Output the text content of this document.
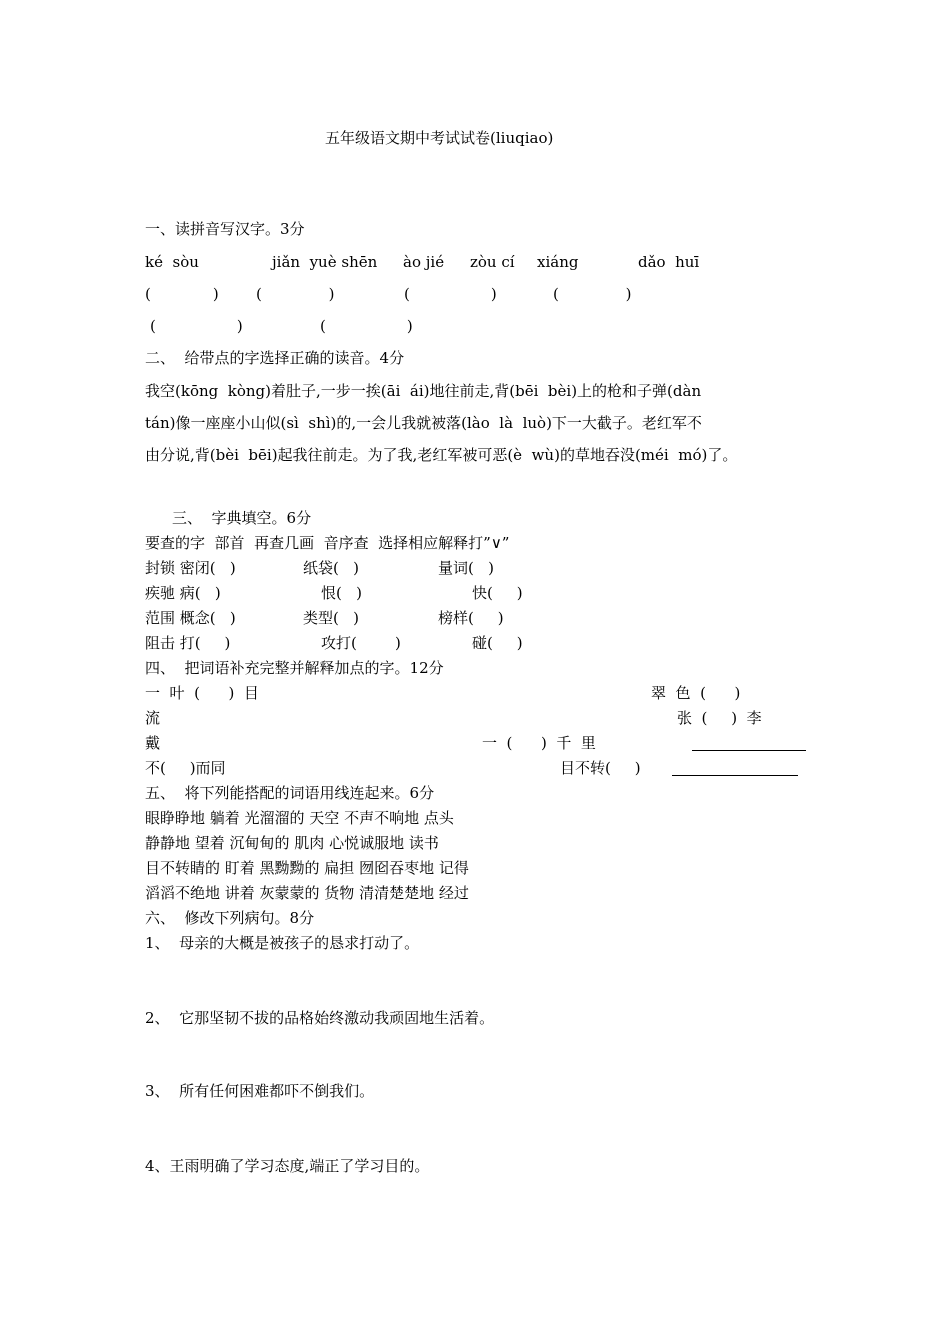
五年级语文期中考试试卷(liuqiao)
一、读拼音写汉字。3分
ké  sòu	jiǎn  yuè shēn ào jié zòu cí xiáng	dǎo  huī
(             ) (              )	(                 )	(              )
(                 )	(                 )
二、  给带点的字选择正确的读音。4分
我空(kōng  kòng)着肚子,一步一挨(āi  ái)地往前走,背(bēi  bèi)上的枪和子弹(dàn
tán)像一座座小山似(sì  shì)的,一会儿我就被落(lào  là  luò)下一大截子。老红军不
由分说,背(bèi  bēi)起我往前走。为了我,老红军被可恶(è  wù)的草地吞没(méi  mó)了。
三、  字典填空。6分
要查的字  部首  再查几画  音序查  选择相应解释打”∨”
封锁 密闭(   )	纸袋(   )	量词(   )
疾驰 病(   )	恨(   )	快(     )
范围 概念(   )	类型(   )	榜样(     )
阻击 打(     )	攻打(        )	碰(     )
四、  把词语补充完整并解释加点的字。12分
一  叶  (      )  目	翠  色  (      )
流	张  (     )  李
戴	一  (      )  千  里
不(     )而同	目不转(     )
五、  将下列能搭配的词语用线连起来。6分
眼睁睁地 躺着 光溜溜的 天空 不声不响地 点头
静静地 望着 沉甸甸的 肌肉 心悦诚服地 读书
目不转睛的 盯着 黑黝黝的 扁担 囫囵吞枣地 记得
滔滔不绝地 讲着 灰蒙蒙的 货物 清清楚楚地 经过
六、  修改下列病句。8分
1、  母亲的大概是被孩子的恳求打动了。
2、  它那坚韧不拔的品格始终激动我顽固地生活着。
3、  所有任何困难都吓不倒我们。
4、王雨明确了学习态度,端正了学习目的。
